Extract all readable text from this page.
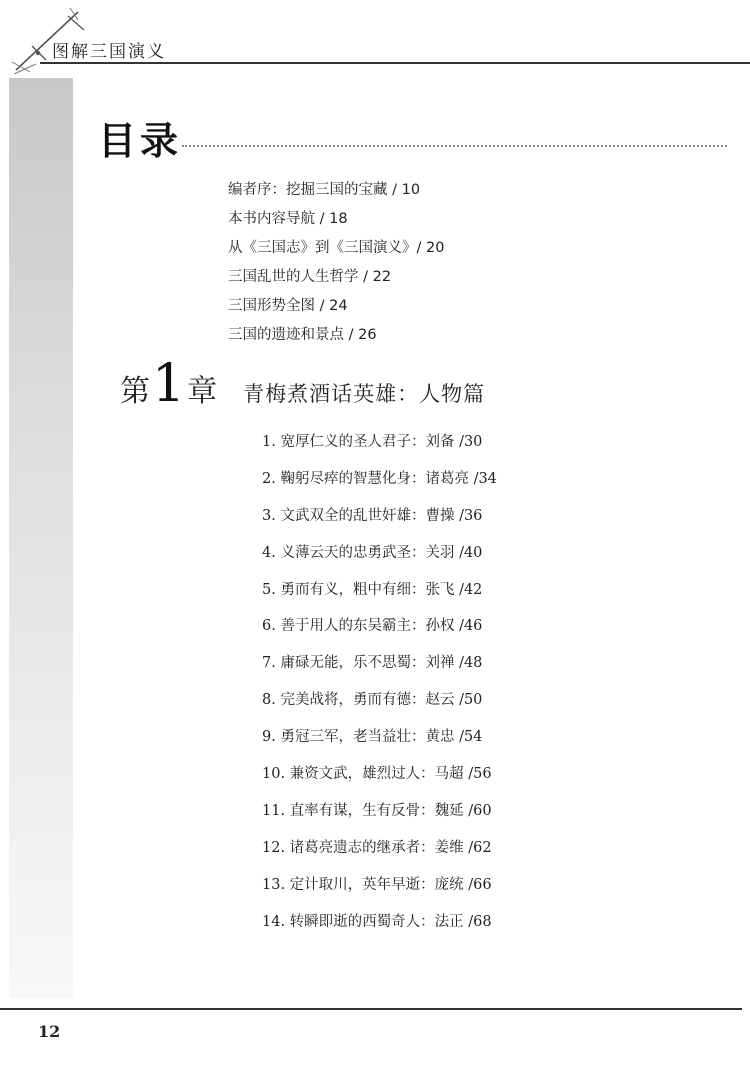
图解三国演义
目录
编者序：挖掘三国的宝藏 / 10
本书内容导航 / 18
从《三国志》到《三国演义》/ 20
三国乱世的人生哲学 / 22
三国形势全图 / 24
三国的遗迹和景点 / 26
第 1 章 青梅煮酒话英雄：人物篇
1. 宽厚仁义的圣人君子：刘备 /30
2. 鞠躬尽瘁的智慧化身：诸葛亮 /34
3. 文武双全的乱世奸雄：曹操 /36
4. 义薄云天的忠勇武圣：关羽 /40
5. 勇而有义，粗中有细：张飞 /42
6. 善于用人的东吴霸主：孙权 /46
7. 庸碌无能，乐不思蜀：刘禅 /48
8. 完美战将，勇而有德：赵云 /50
9. 勇冠三军，老当益壮：黄忠 /54
10. 兼资文武，雄烈过人：马超 /56
11. 直率有谋，生有反骨：魏延 /60
12. 诸葛亮遗志的继承者：姜维 /62
13. 定计取川，英年早逝：庞统 /66
14. 转瞬即逝的西蜀奇人：法正 /68
12
